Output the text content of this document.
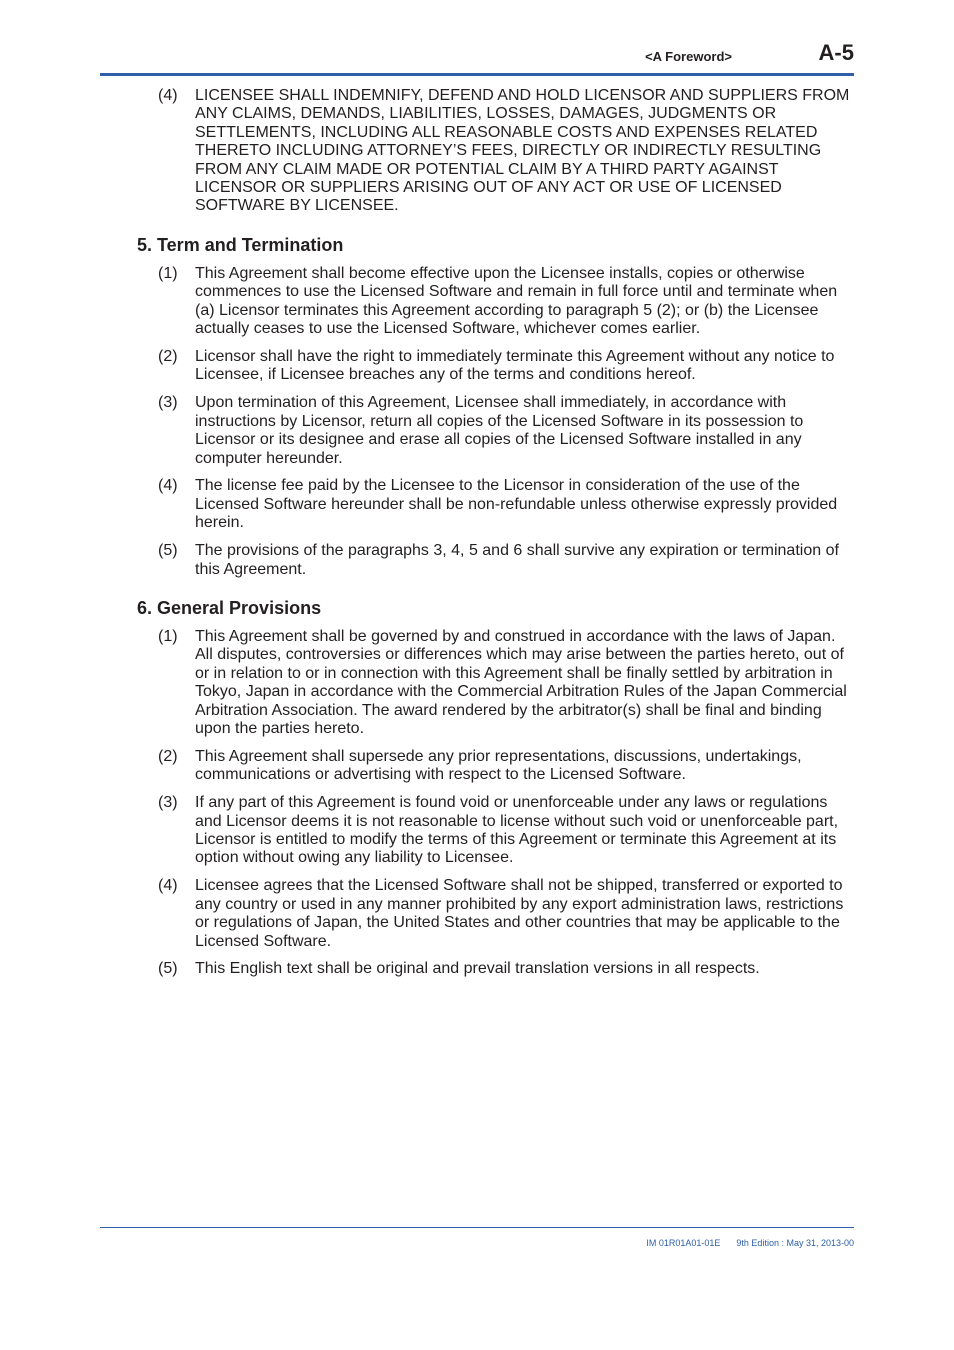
<A Foreword>	A-5
(4)	LICENSEE SHALL INDEMNIFY, DEFEND AND HOLD LICENSOR AND SUPPLIERS FROM ANY CLAIMS, DEMANDS, LIABILITIES, LOSSES, DAMAGES, JUDGMENTS OR SETTLEMENTS, INCLUDING ALL REASONABLE COSTS AND EXPENSES RELATED THERETO INCLUDING ATTORNEY’S FEES, DIRECTLY OR INDIRECTLY RESULTING FROM ANY CLAIM MADE OR POTENTIAL CLAIM BY A THIRD PARTY AGAINST LICENSOR OR SUPPLIERS ARISING OUT OF ANY ACT OR USE OF LICENSED SOFTWARE BY LICENSEE.
5. Term and Termination
(1)	This Agreement shall become effective upon the Licensee installs, copies or otherwise commences to use the Licensed Software and remain in full force until and terminate when (a) Licensor terminates this Agreement according to paragraph 5 (2); or (b) the Licensee actually ceases to use the Licensed Software, whichever comes earlier.
(2)	Licensor shall have the right to immediately terminate this Agreement without any notice to Licensee, if Licensee breaches any of the terms and conditions hereof.
(3)	Upon termination of this Agreement, Licensee shall immediately, in accordance with instructions by Licensor, return all copies of the Licensed Software in its possession to Licensor or its designee and erase all copies of the Licensed Software installed in any computer hereunder.
(4)	The license fee paid by the Licensee to the Licensor in consideration of the use of the Licensed Software hereunder shall be non-refundable unless otherwise expressly provided herein.
(5)	The provisions of the paragraphs 3, 4, 5 and 6 shall survive any expiration or termination of this Agreement.
6. General Provisions
(1)	This Agreement shall be governed by and construed in accordance with the laws of Japan. All disputes, controversies or differences which may arise between the parties hereto, out of or in relation to or in connection with this Agreement shall be finally settled by arbitration in Tokyo, Japan in accordance with the Commercial Arbitration Rules of the Japan Commercial Arbitration Association. The award rendered by the arbitrator(s) shall be final and binding upon the parties hereto.
(2)	This Agreement shall supersede any prior representations, discussions, undertakings, communications or advertising with respect to the Licensed Software.
(3)	If any part of this Agreement is found void or unenforceable under any laws or regulations and Licensor deems it is not reasonable to license without such void or unenforceable part, Licensor is entitled to modify the terms of this Agreement or terminate this Agreement at its option without owing any liability to Licensee.
(4)	Licensee agrees that the Licensed Software shall not be shipped, transferred or exported to any country or used in any manner prohibited by any export administration laws, restrictions or regulations of Japan, the United States and other countries that may be applicable to the Licensed Software.
(5)	This English text shall be original and prevail translation versions in all respects.
IM 01R01A01-01E 9th Edition : May 31, 2013-00
